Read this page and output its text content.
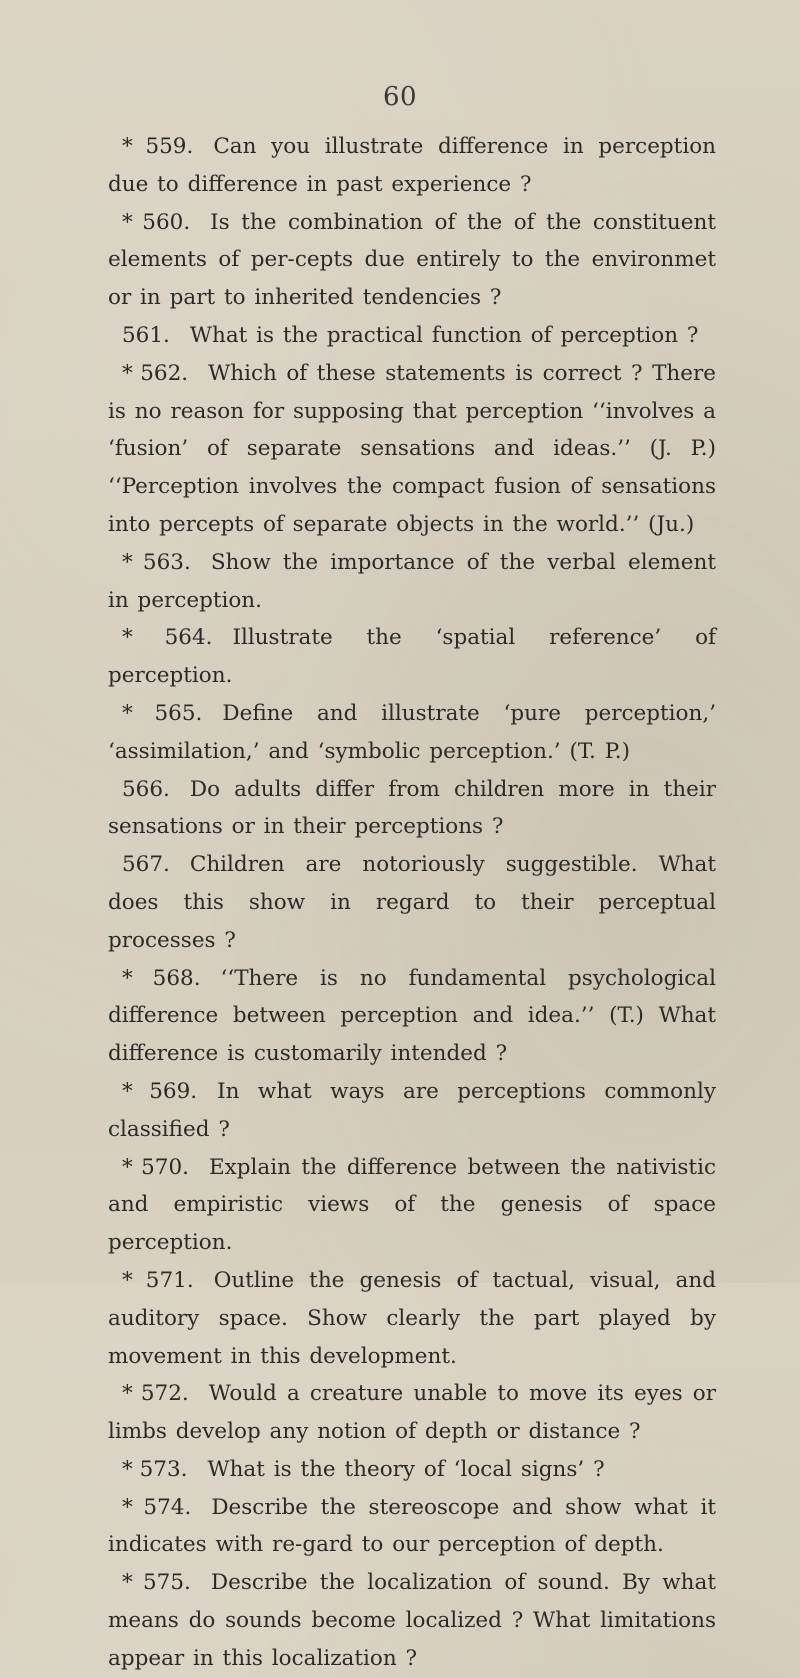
60

* 559. Can you illustrate difference in perception due to difference in past experience ?

* 560. Is the combination of the of the constituent elements of per-cepts due entirely to the environmet or in part to inherited tendencies ?

561. What is the practical function of perception ?

* 562. Which of these statements is correct ? There is no reason for supposing that perception ‘‘involves a ‘fusion’ of separate sensations and ideas.’’ (J. P.) ‘‘Perception involves the compact fusion of sensations into percepts of separate objects in the world.’’ (Ju.)

* 563. Show the importance of the verbal element in perception.

* 564. Illustrate the ‘spatial reference’ of perception.

* 565. Define and illustrate ‘pure perception,’ ‘assimilation,’ and ‘symbolic perception.’ (T. P.)

566. Do adults differ from children more in their sensations or in their perceptions ?

567. Children are notoriously suggestible. What does this show in regard to their perceptual processes ?

* 568. ‘‘There is no fundamental psychological difference between perception and idea.’’ (T.) What difference is customarily intended ?

* 569. In what ways are perceptions commonly classified ?

* 570. Explain the difference between the nativistic and empiristic views of the genesis of space perception.

* 571. Outline the genesis of tactual, visual, and auditory space. Show clearly the part played by movement in this development.

* 572. Would a creature unable to move its eyes or limbs develop any notion of depth or distance ?

* 573. What is the theory of ‘local signs’ ?

* 574. Describe the stereoscope and show what it indicates with re-gard to our perception of depth.

* 575. Describe the localization of sound. By what means do sounds become localized ? What limitations appear in this localization ?
